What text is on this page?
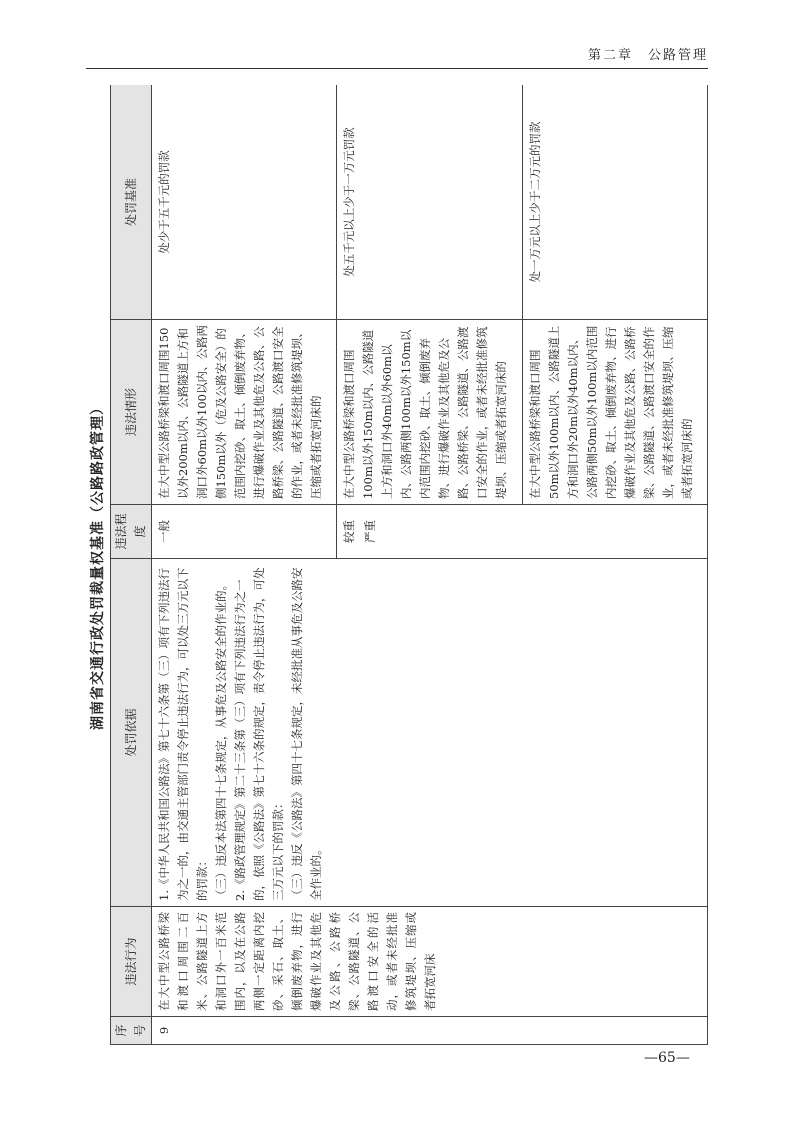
第二章　公路管理
湖南省交通行政处罚裁量权基准（公路路政管理）
序号	违法行为	处罚依据	违法程度	违法情形	处罚基准
9	在大中型公路桥梁和渡口周围二百米、公路隧道上方和洞口外一百米范围内，以及在公路两侧一定距离内挖砂、采石、取土、倾倒废弃物，进行爆破作业及其他危及公路、公路桥梁、公路隧道、公路渡口安全的活动，或者未经批准修筑堤坝、压缩或者拓宽河床	1.《中华人民共和国公路法》第七十六条第（三）项有下列违法行为之一的，由交通主管部门责令停止违法行为，可以处三万元以下的罚款： （三）违反本法第四十七条规定，从事危及公路安全的作业的。 2.《路政管理规定》第二十三条第（三）项有下列违法行为之一的，依照《公路法》第七十六条的规定，责令停止违法行为，可处三万元以下的罚款： （三）违反《公路法》第四十七条规定，未经批准从事危及公路安全作业的。	一般	在大中型公路桥梁和渡口周围150以外200m以内、公路隧道上方和洞口外60m以外100以内、公路两侧150m以外（危及公路安全）的范围内挖砂、取土、倾倒废弃物、进行爆破作业及其他危及公路、公路桥梁、公路隧道、公路渡口安全的作业，或者未经批准修筑堤坝、压缩或者拓宽河床的	处少于五千元的罚款

			较重 严重	在大中型公路桥梁和渡口周围100m以外150m以内、公路隧道上方和洞口外40m以外60m以内、公路两侧100m以外150m以内范围内挖砂、取土、倾倒废弃物、进行爆破作业及其他危及公路、公路桥梁、公路隧道、公路渡口安全的作业，或者未经批准修筑堤坝、压缩或者拓宽河床的	处五千元以上少于一万元罚款
				在大中型公路桥梁和渡口周围50m以外100m以内、公路隧道上方和洞口外20m以外40m以内、公路两侧50m以外100m以内范围内挖砂、取土、倾倒废弃物、进行爆破作业及其他危及公路、公路桥梁、公路隧道、公路渡口安全的作业，或者未经批准修筑堤坝、压缩或者拓宽河床的	处一万元以上少于二万元的罚款
—65—
